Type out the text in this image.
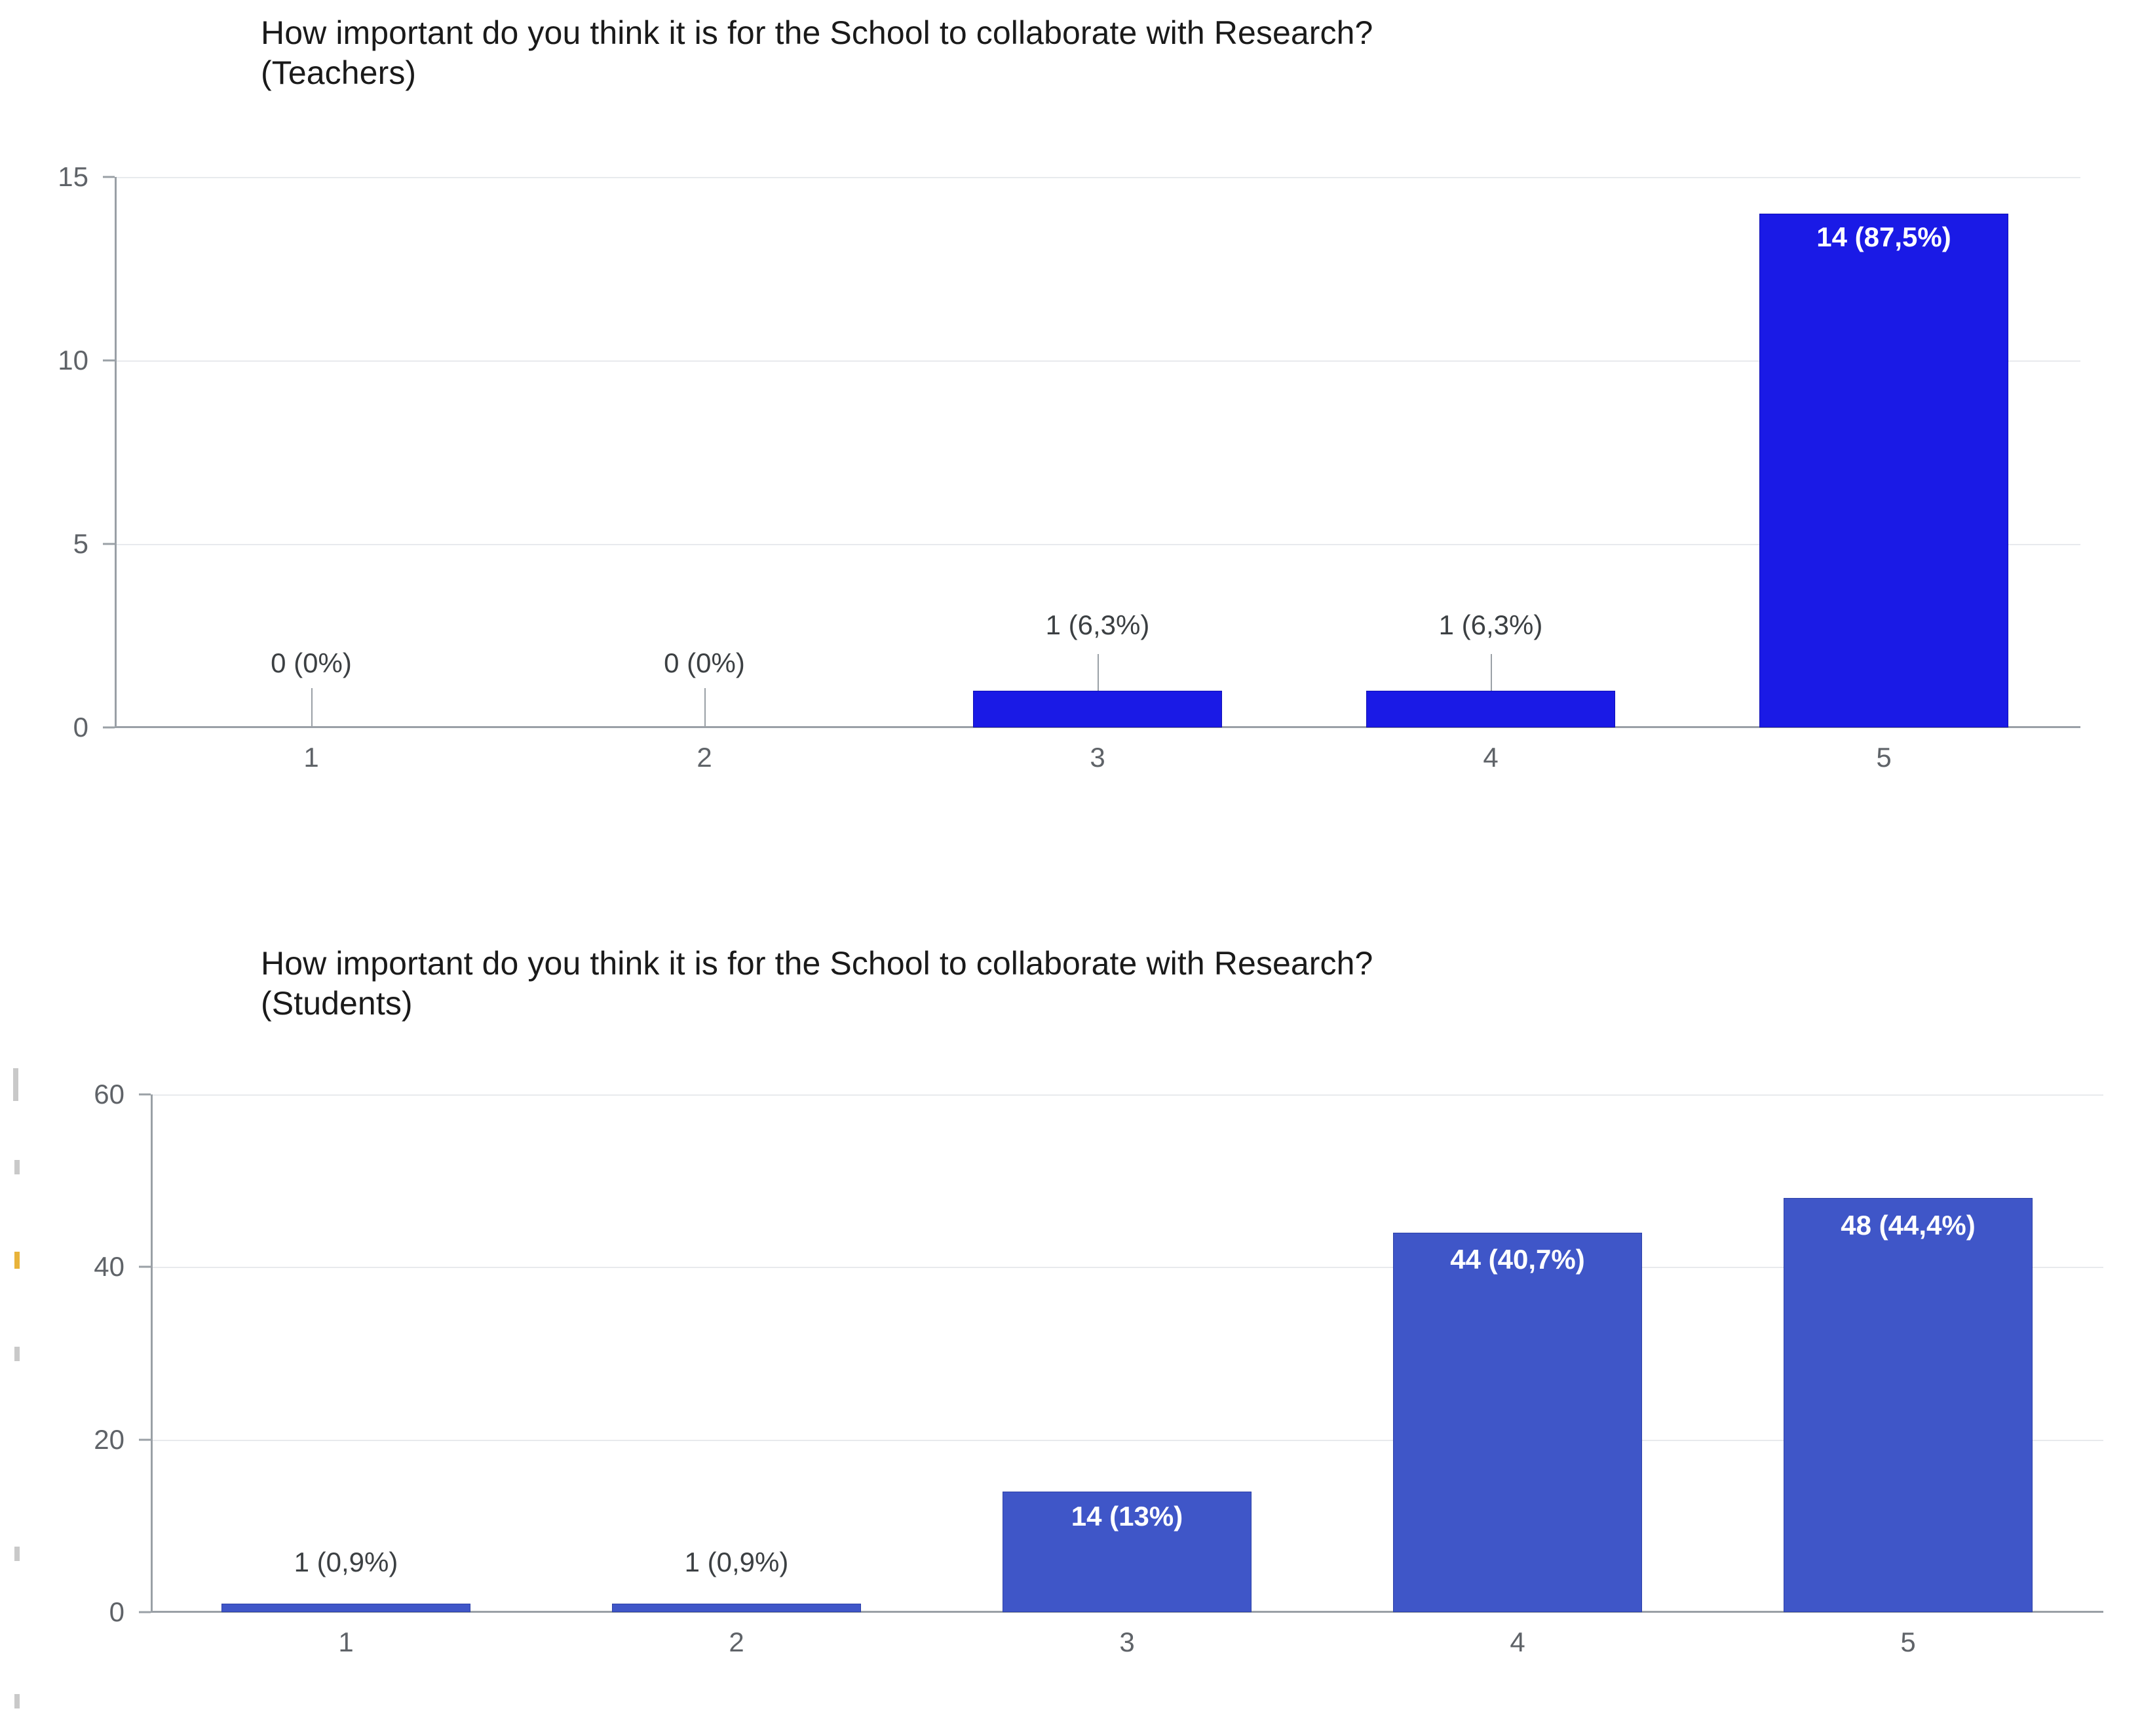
How important do you think it is for the School to collaborate with Research?
(Teachers)
15
10
5
0
0 (0%)	0 (0%)
1 (6,3%)	1 (6,3%)
14 (87,5%)
1	2	3	4	5
How important do you think it is for the School to collaborate with Research?
(Students)
60
40
20
0
1 (0,9%)	1 (0,9%)
14 (13%)
44 (40,7%)
48 (44,4%)
1	2	3	4	5
